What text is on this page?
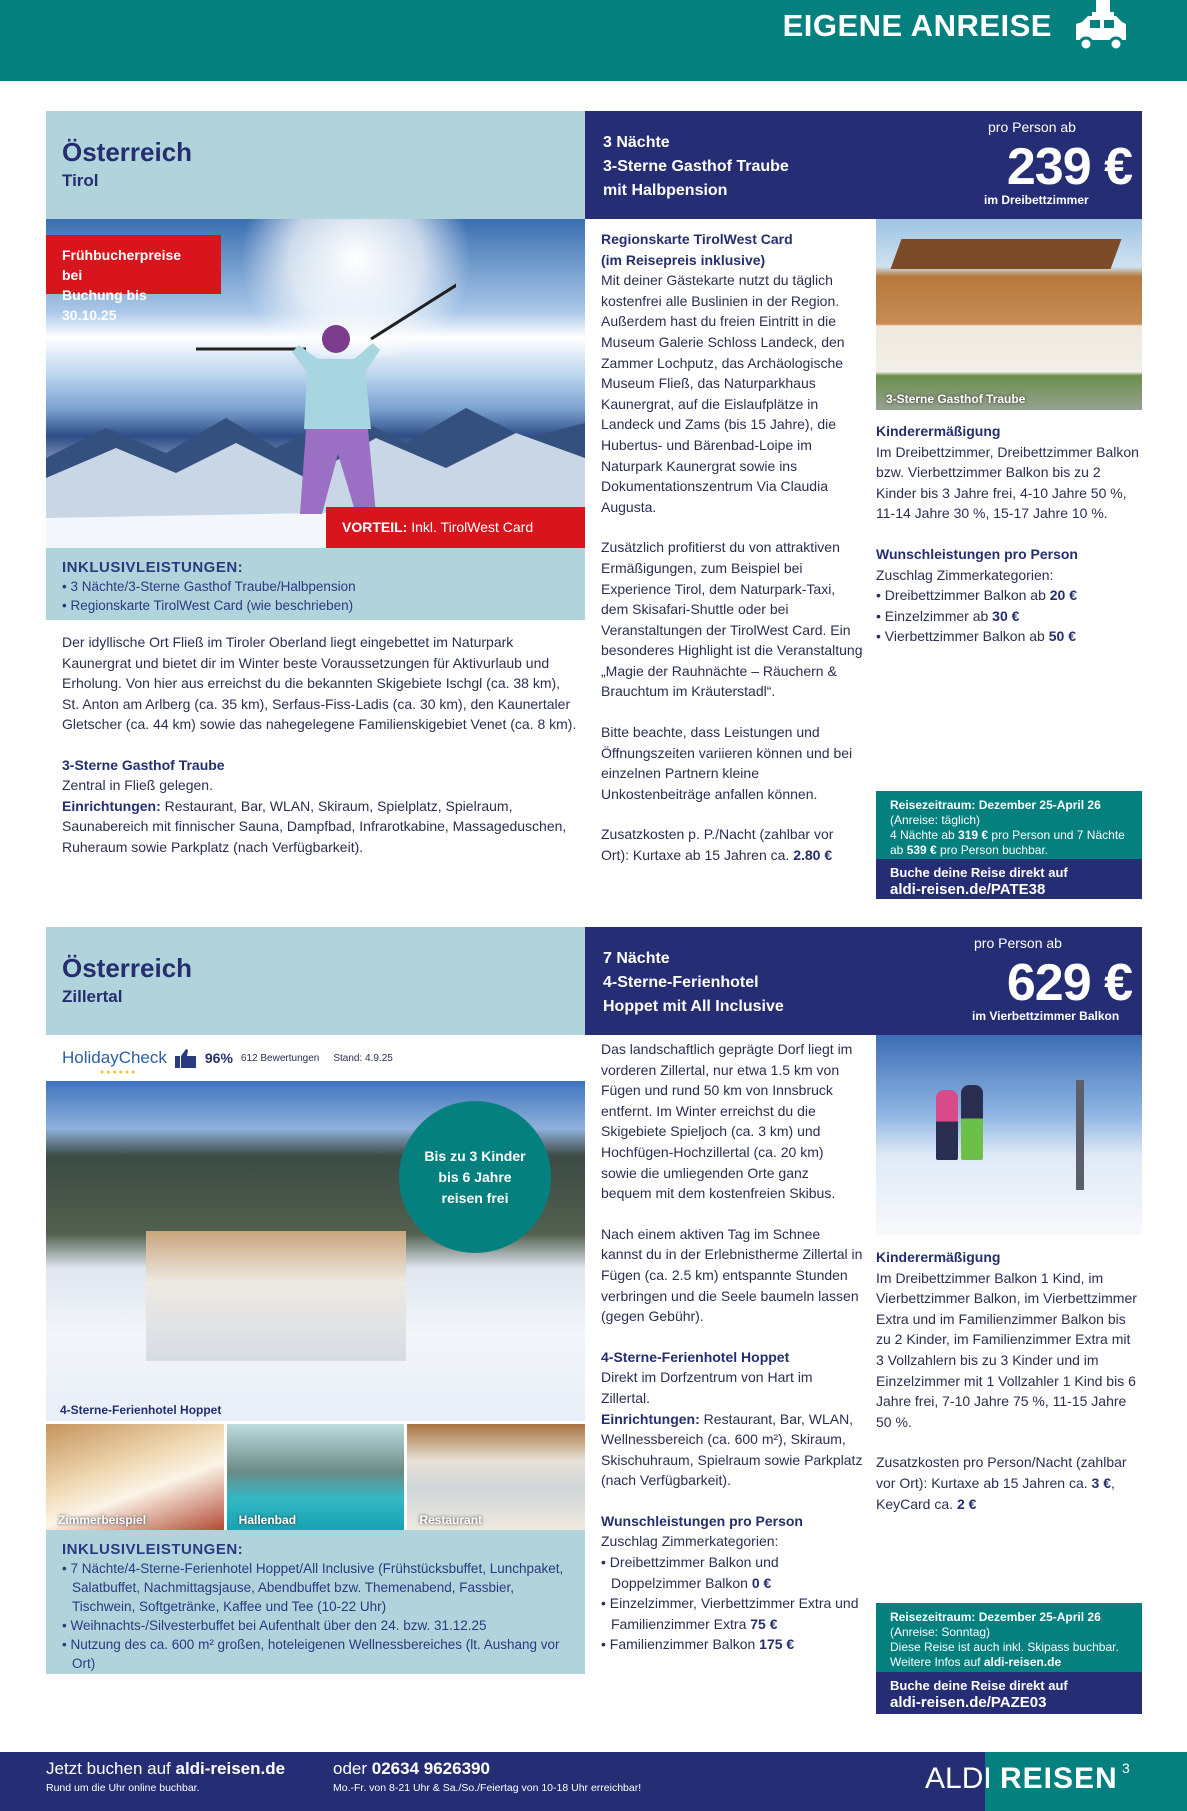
EIGENE ANREISE
Österreich
Tirol
3 Nächte
3-Sterne Gasthof Traube
mit Halbpension
pro Person ab
239 €
im Dreibettzimmer
Frühbucherpreise bei
Buchung bis 30.10.25
VORTEIL: Inkl. TirolWest Card
INKLUSIVLEISTUNGEN:
• 3 Nächte/3-Sterne Gasthof Traube/Halbpension
• Regionskarte TirolWest Card (wie beschrieben)

Der idyllische Ort Fließ im Tiroler Oberland liegt eingebettet im Naturpark Kaunergrat und bietet dir im Winter beste Voraussetzungen für Aktivurlaub und Erholung. Von hier aus erreichst du die bekannten Skigebiete Ischgl (ca. 38 km), St. Anton am Arlberg (ca. 35 km), Serfaus-Fiss-Ladis (ca. 30 km), den Kaunertaler Gletscher (ca. 44 km) sowie das nahegelegene Familienskigebiet Venet (ca. 8 km).

3-Sterne Gasthof Traube
Zentral in Fließ gelegen.
Einrichtungen: Restaurant, Bar, WLAN, Skiraum, Spielplatz, Spielraum, Saunabereich mit finnischer Sauna, Dampfbad, Infrarotkabine, Massageduschen, Ruheraum sowie Parkplatz (nach Verfügbarkeit).
Regionskarte TirolWest Card
(im Reisepreis inklusive)

Mit deiner Gästekarte nutzt du täglich kostenfrei alle Buslinien in der Region. Außerdem hast du freien Eintritt in die Museum Galerie Schloss Landeck, den Zammer Lochputz, das Archäologische Museum Fließ, das Naturparkhaus Kaunergrat, auf die Eislaufplätze in Landeck und Zams (bis 15 Jahre), die Hubertus- und Bärenbad-Loipe im Naturpark Kaunergrat sowie ins Dokumentationszentrum Via Claudia Augusta.

Zusätzlich profitierst du von attraktiven Ermäßigungen, zum Beispiel bei Experience Tirol, dem Naturpark-Taxi, dem Skisafari-Shuttle oder bei Veranstaltungen der TirolWest Card. Ein besonderes Highlight ist die Veranstaltung „Magie der Rauhnächte – Räuchern & Brauchtum im Kräuterstadl“.

Bitte beachte, dass Leistungen und Öffnungszeiten variieren können und bei einzelnen Partnern kleine Unkostenbeiträge anfallen können.

Zusatzkosten p. P./Nacht (zahlbar vor Ort): Kurtaxe ab 15 Jahren ca. 2.80 €
3-Sterne Gasthof Traube
Kinderermäßigung

Im Dreibettzimmer, Dreibettzimmer Balkon bzw. Vierbettzimmer Balkon bis zu 2 Kinder bis 3 Jahre frei, 4-10 Jahre 50 %, 11-14 Jahre 30 %, 15-17 Jahre 10 %.

Wunschleistungen pro Person
Zuschlag Zimmerkategorien:
• Dreibettzimmer Balkon ab 20 €
• Einzelzimmer ab 30 €
• Vierbettzimmer Balkon ab 50 €
Reisezeitraum: Dezember 25-April 26
(Anreise: täglich)
4 Nächte ab 319 € pro Person und 7 Nächte ab 539 € pro Person buchbar.
Buche deine Reise direkt auf
aldi-reisen.de/PATE38
Österreich
Zillertal
7 Nächte
4-Sterne-Ferienhotel
Hoppet mit All Inclusive
pro Person ab
629 €
im Vierbettzimmer Balkon
HolidayCheck
●●●●●●
96% 612 Bewertungen Stand: 4.9.25
4-Sterne-Ferienhotel Hoppet
Bis zu 3 Kinder
bis 6 Jahre
reisen frei
Zimmerbeispiel	Hallenbad	Restaurant
INKLUSIVLEISTUNGEN:
• 7 Nächte/4-Sterne-Ferienhotel Hoppet/All Inclusive (Frühstücksbuffet, Lunchpaket, Salatbuffet, Nachmittagsjause, Abendbuffet bzw. Themenabend, Fassbier, Tischwein, Softgetränke, Kaffee und Tee (10-22 Uhr)
• Weihnachts-/Silvesterbuffet bei Aufenthalt über den 24. bzw. 31.12.25
• Nutzung des ca. 600 m² großen, hoteleigenen Wellnessbereiches (lt. Aushang vor Ort)

Das landschaftlich geprägte Dorf liegt im vorderen Zillertal, nur etwa 1.5 km von Fügen und rund 50 km von Innsbruck entfernt. Im Winter erreichst du die Skigebiete Spieljoch (ca. 3 km) und Hochfügen-Hochzillertal (ca. 20 km) sowie die umliegenden Orte ganz bequem mit dem kostenfreien Skibus.

Nach einem aktiven Tag im Schnee kannst du in der Erlebnistherme Zillertal in Fügen (ca. 2.5 km) entspannte Stunden verbringen und die Seele baumeln lassen (gegen Gebühr).

4-Sterne-Ferienhotel Hoppet
Direkt im Dorfzentrum von Hart im Zillertal.

Einrichtungen: Restaurant, Bar, WLAN, Wellnessbereich (ca. 600 m²), Skiraum, Skischuhraum, Spielraum sowie Parkplatz (nach Verfügbarkeit).

Wunschleistungen pro Person
Zuschlag Zimmerkategorien:
• Dreibettzimmer Balkon und Doppelzimmer Balkon 0 €
• Einzelzimmer, Vierbettzimmer Extra und Familienzimmer Extra 75 €
• Familienzimmer Balkon 175 €
Kinderermäßigung

Im Dreibettzimmer Balkon 1 Kind, im Vierbettzimmer Balkon, im Vierbettzimmer Extra und im Familienzimmer Balkon bis zu 2 Kinder, im Familienzimmer Extra mit 3 Vollzahlern bis zu 3 Kinder und im Einzelzimmer mit 1 Vollzahler 1 Kind bis 6 Jahre frei, 7-10 Jahre 75 %, 11-15 Jahre 50 %.

Zusatzkosten pro Person/Nacht (zahlbar vor Ort): Kurtaxe ab 15 Jahren ca. 3 €, KeyCard ca. 2 €
Reisezeitraum: Dezember 25-April 26
(Anreise: Sonntag)
Diese Reise ist auch inkl. Skipass buchbar.
Weitere Infos auf aldi-reisen.de
Buche deine Reise direkt auf
aldi-reisen.de/PAZE03
Jetzt buchen auf aldi-reisen.de
Rund um die Uhr online buchbar.
oder 02634 9626390
Mo.-Fr. von 8-21 Uhr & Sa./So./Feiertag von 10-18 Uhr erreichbar!	ALDI REISEN 3
